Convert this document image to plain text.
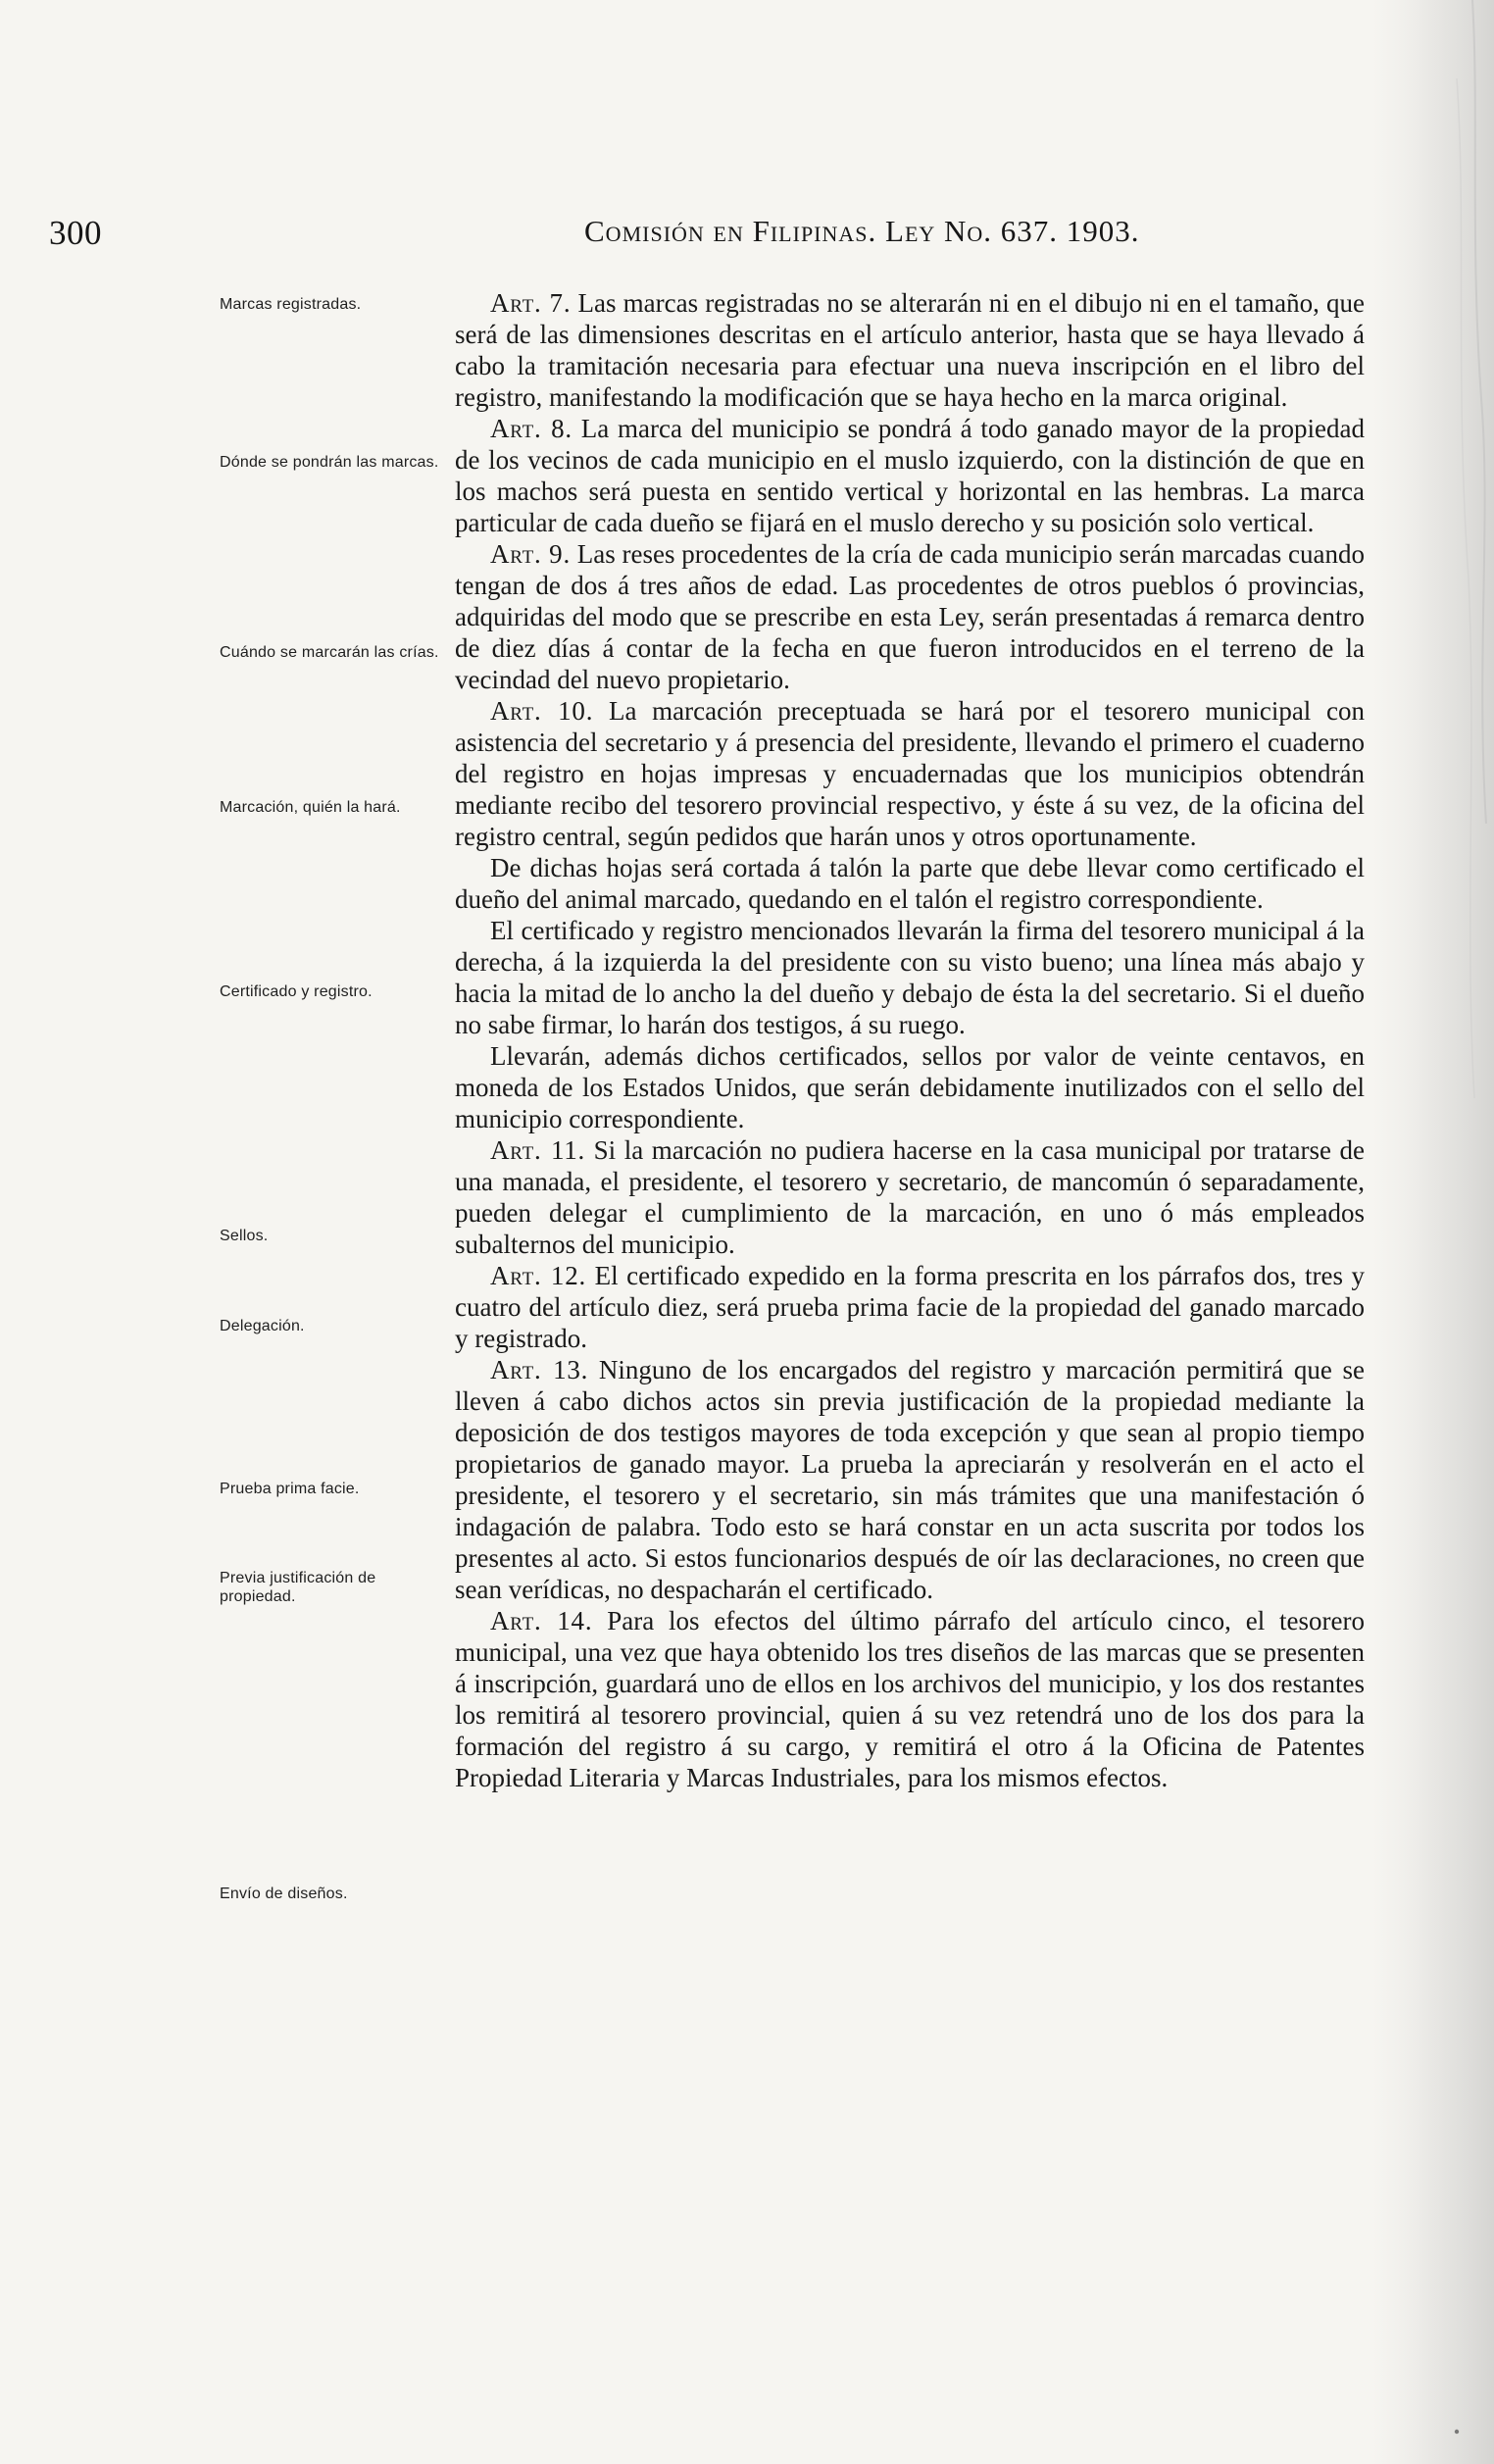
300	Comisión en Filipinas. Ley No. 637. 1903.
Marcas registradas.
Dónde se pondrán las marcas.
Cuándo se marcarán las crías.
Marcación, quién la hará.
Certificado y registro.
Sellos.
Delegación.
Prueba prima facie.
Previa justificación de propiedad.
Envío de diseños.

Art. 7. Las marcas registradas no se alterarán ni en el dibujo ni en el tamaño, que será de las dimensiones descritas en el artículo anterior, hasta que se haya llevado á cabo la tramitación necesaria para efectuar una nueva inscripción en el libro del registro, manifestando la modificación que se haya hecho en la marca original.

Art. 8. La marca del municipio se pondrá á todo ganado mayor de la propiedad de los vecinos de cada municipio en el muslo izquierdo, con la distinción de que en los machos será puesta en sentido vertical y horizontal en las hembras. La marca particular de cada dueño se fijará en el muslo derecho y su posición solo vertical.

Art. 9. Las reses procedentes de la cría de cada municipio serán marcadas cuando tengan de dos á tres años de edad. Las procedentes de otros pueblos ó provincias, adquiridas del modo que se prescribe en esta Ley, serán presentadas á remarca dentro de diez días á contar de la fecha en que fueron introducidos en el terreno de la vecindad del nuevo propietario.

Art. 10. La marcación preceptuada se hará por el tesorero municipal con asistencia del secretario y á presencia del presidente, llevando el primero el cuaderno del registro en hojas impresas y encuadernadas que los municipios obtendrán mediante recibo del tesorero provincial respectivo, y éste á su vez, de la oficina del registro central, según pedidos que harán unos y otros oportunamente.

De dichas hojas será cortada á talón la parte que debe llevar como certificado el dueño del animal marcado, quedando en el talón el registro correspondiente.

El certificado y registro mencionados llevarán la firma del tesorero municipal á la derecha, á la izquierda la del presidente con su visto bueno; una línea más abajo y hacia la mitad de lo ancho la del dueño y debajo de ésta la del secretario. Si el dueño no sabe firmar, lo harán dos testigos, á su ruego.

Llevarán, además dichos certificados, sellos por valor de veinte centavos, en moneda de los Estados Unidos, que serán debidamente inutilizados con el sello del municipio correspondiente.

Art. 11. Si la marcación no pudiera hacerse en la casa municipal por tratarse de una manada, el presidente, el tesorero y secretario, de mancomún ó separadamente, pueden delegar el cumplimiento de la marcación, en uno ó más empleados subalternos del municipio.

Art. 12. El certificado expedido en la forma prescrita en los párrafos dos, tres y cuatro del artículo diez, será prueba prima facie de la propiedad del ganado marcado y registrado.

Art. 13. Ninguno de los encargados del registro y marcación permitirá que se lleven á cabo dichos actos sin previa justificación de la propiedad mediante la deposición de dos testigos mayores de toda excepción y que sean al propio tiempo propietarios de ganado mayor. La prueba la apreciarán y resolverán en el acto el presidente, el tesorero y el secretario, sin más trámites que una manifestación ó indagación de palabra. Todo esto se hará constar en un acta suscrita por todos los presentes al acto. Si estos funcionarios después de oír las declaraciones, no creen que sean verídicas, no despacharán el certificado.

Art. 14. Para los efectos del último párrafo del artículo cinco, el tesorero municipal, una vez que haya obtenido los tres diseños de las marcas que se presenten á inscripción, guardará uno de ellos en los archivos del municipio, y los dos restantes los remitirá al tesorero provincial, quien á su vez retendrá uno de los dos para la formación del registro á su cargo, y remitirá el otro á la Oficina de Patentes Propiedad Literaria y Marcas Industriales, para los mismos efectos.
